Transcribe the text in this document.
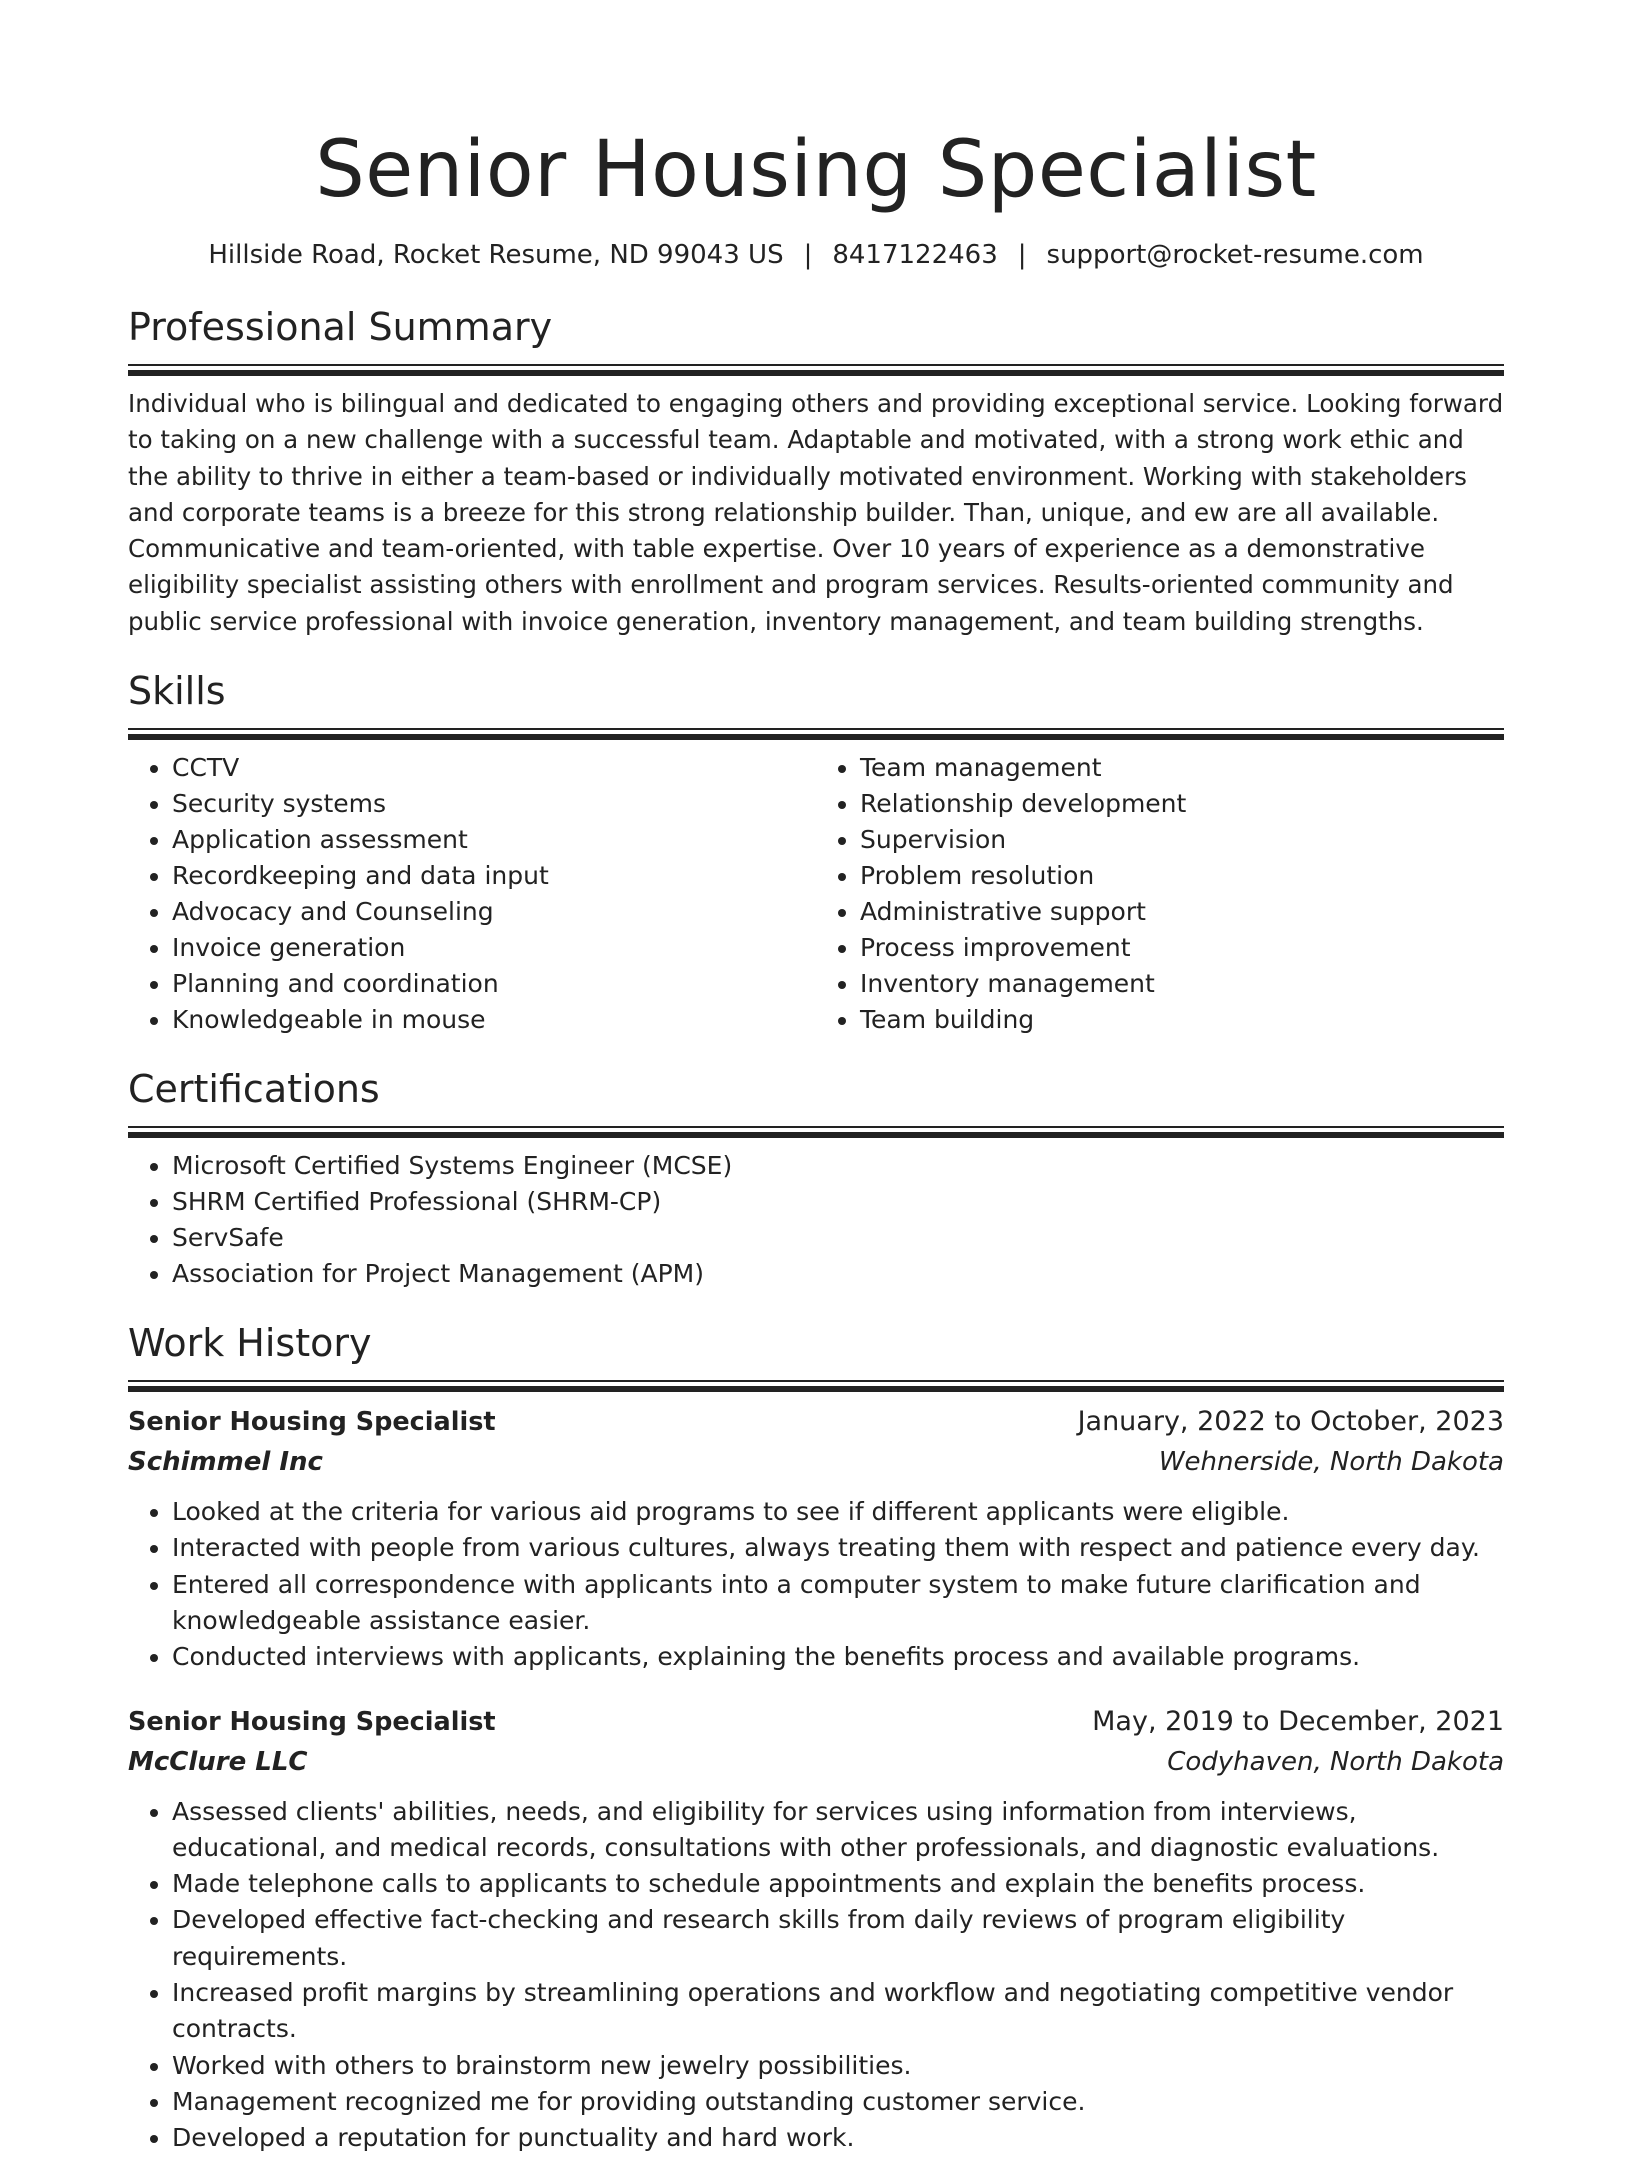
Senior Housing Specialist
Hillside Road, Rocket Resume, ND 99043 US | 8417122463 | support@rocket-resume.com
Professional Summary

Individual who is bilingual and dedicated to engaging others and providing exceptional service. Looking forward to taking on a new challenge with a successful team. Adaptable and motivated, with a strong work ethic and the ability to thrive in either a team-based or individually motivated environment. Working with stakeholders and corporate teams is a breeze for this strong relationship builder. Than, unique, and ew are all available. Communicative and team-oriented, with table expertise. Over 10 years of experience as a demonstrative eligibility specialist assisting others with enrollment and program services. Results-oriented community and public service professional with invoice generation, inventory management, and team building strengths.

Skills
• CCTV
• Security systems
• Application assessment
• Recordkeeping and data input
• Advocacy and Counseling
• Invoice generation
• Planning and coordination
• Knowledgeable in mouse
• Team management
• Relationship development
• Supervision
• Problem resolution
• Administrative support
• Process improvement
• Inventory management
• Team building
Certifications
• Microsoft Certified Systems Engineer (MCSE)
• SHRM Certified Professional (SHRM-CP)
• ServSafe
• Association for Project Management (APM)
Work History
Senior Housing Specialist	January, 2022 to October, 2023
Schimmel Inc	Wehnerside, North Dakota
• Looked at the criteria for various aid programs to see if different applicants were eligible.
• Interacted with people from various cultures, always treating them with respect and patience every day.
• Entered all correspondence with applicants into a computer system to make future clarification and knowledgeable assistance easier.
• Conducted interviews with applicants, explaining the benefits process and available programs.
Senior Housing Specialist	May, 2019 to December, 2021
McClure LLC	Codyhaven, North Dakota
• Assessed clients' abilities, needs, and eligibility for services using information from interviews, educational, and medical records, consultations with other professionals, and diagnostic evaluations.
• Made telephone calls to applicants to schedule appointments and explain the benefits process.
• Developed effective fact-checking and research skills from daily reviews of program eligibility requirements.
• Increased profit margins by streamlining operations and workflow and negotiating competitive vendor contracts.
• Worked with others to brainstorm new jewelry possibilities.
• Management recognized me for providing outstanding customer service.
• Developed a reputation for punctuality and hard work.
